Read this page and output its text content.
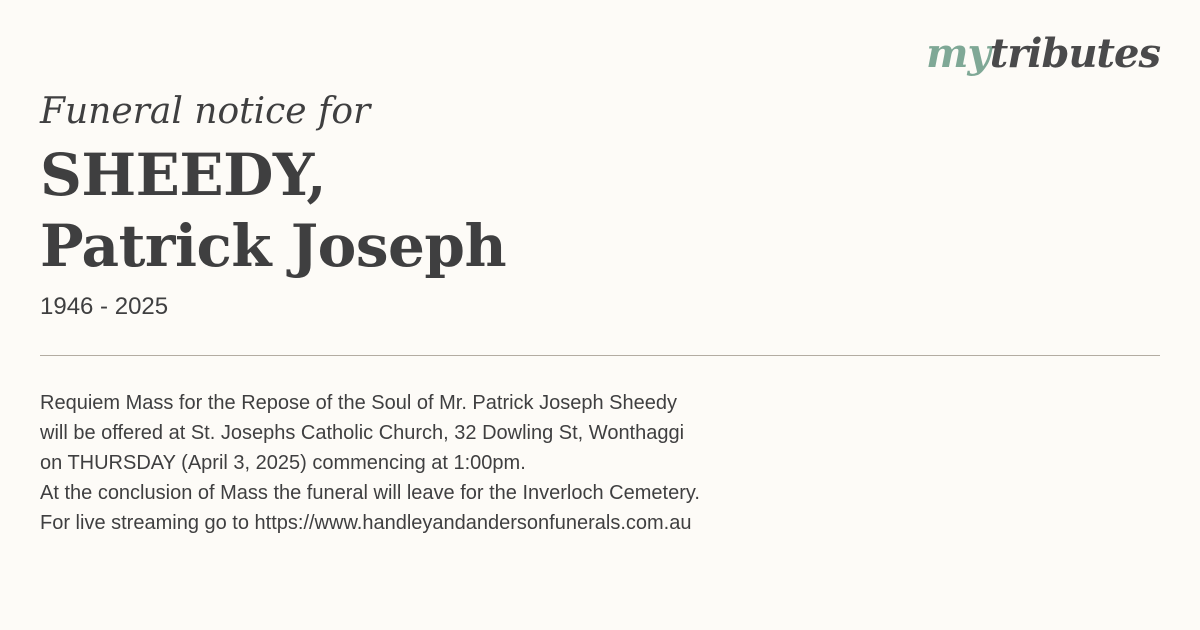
mytributes
Funeral notice for
SHEEDY,
Patrick Joseph
1946 - 2025
Requiem Mass for the Repose of the Soul of Mr. Patrick Joseph Sheedy
will be offered at St. Josephs Catholic Church, 32 Dowling St, Wonthaggi
on THURSDAY (April 3, 2025) commencing at 1:00pm.
At the conclusion of Mass the funeral will leave for the Inverloch Cemetery.
For live streaming go to https://www.handleyandandersonfunerals.com.au
